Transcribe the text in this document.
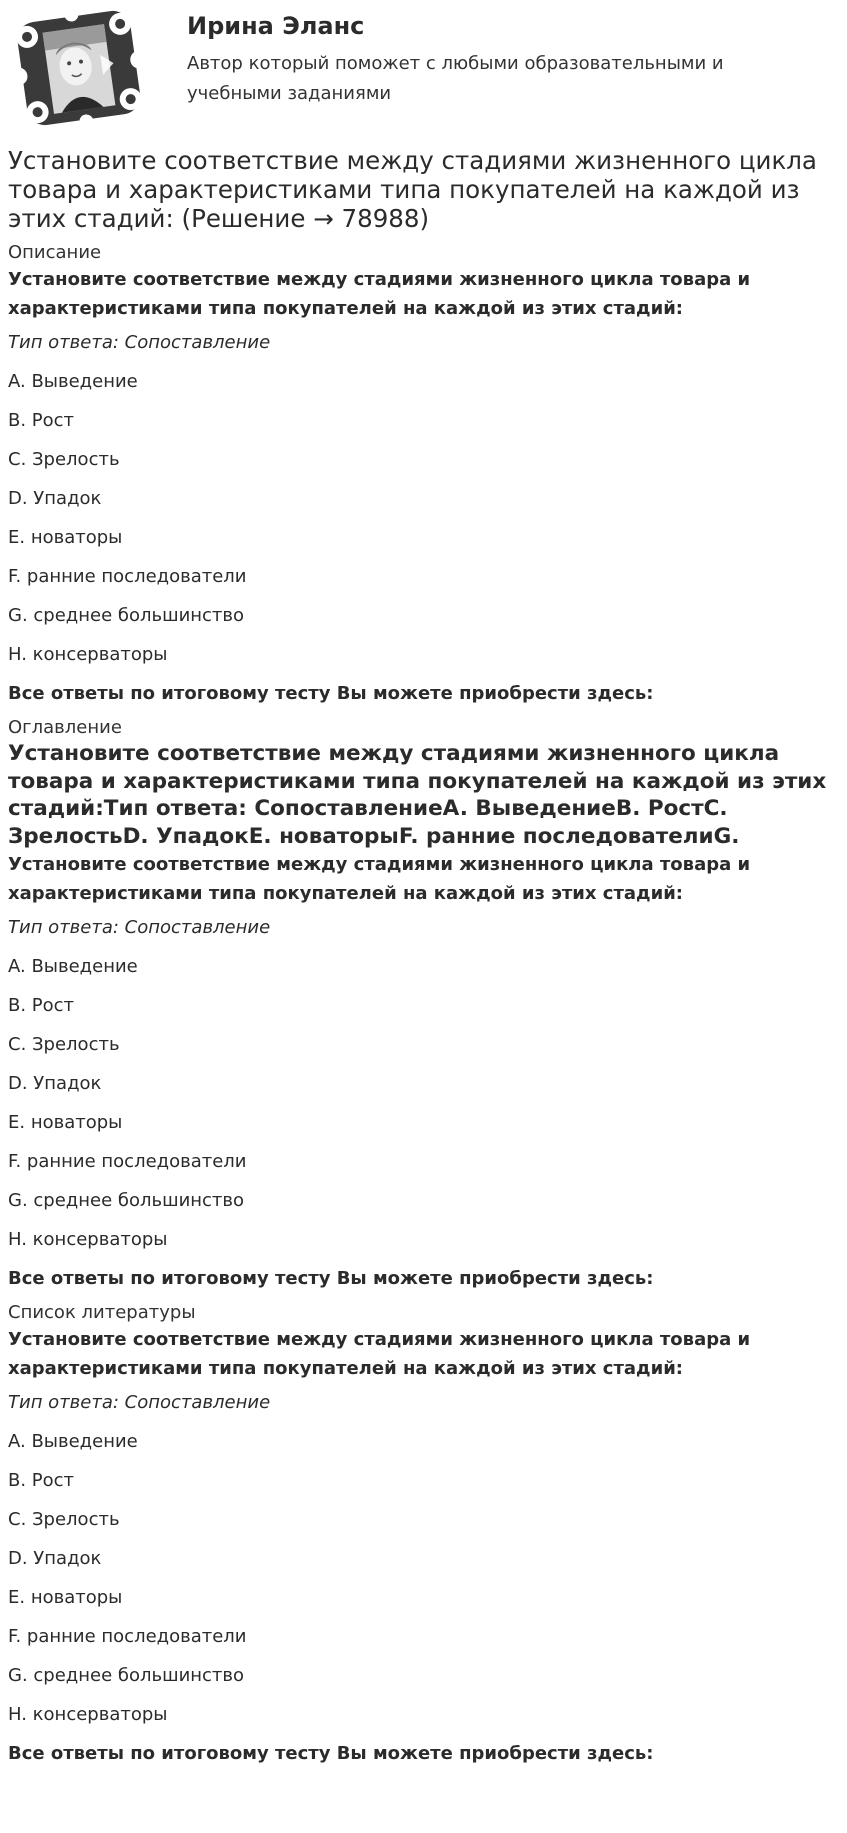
Ирина Эланс

Автор который поможет с любыми образовательными и учебными заданиями

Установите соответствие между стадиями жизненного цикла товара и характеристиками типа покупателей на каждой из этих стадий: (Решение → 78988)
Описание

Установите соответствие между стадиями жизненного цикла товара и характеристиками типа покупателей на каждой из этих стадий:

Тип ответа: Сопоставление

A. Выведение

B. Рост

C. Зрелость

D. Упадок

E. новаторы

F. ранние последователи

G. среднее большинство

H. консерваторы

Все ответы по итоговому тесту Вы можете приобрести здесь:

Оглавление

Установите соответствие между стадиями жизненного цикла товара и характеристиками типа покупателей на каждой из этих стадий:Тип ответа: СопоставлениеA. ВыведениеB. РостC. ЗрелостьD. УпадокE. новаторыF. ранние последователиG.

Установите соответствие между стадиями жизненного цикла товара и характеристиками типа покупателей на каждой из этих стадий:

Тип ответа: Сопоставление

A. Выведение

B. Рост

C. Зрелость

D. Упадок

E. новаторы

F. ранние последователи

G. среднее большинство

H. консерваторы

Все ответы по итоговому тесту Вы можете приобрести здесь:

Список литературы

Установите соответствие между стадиями жизненного цикла товара и характеристиками типа покупателей на каждой из этих стадий:

Тип ответа: Сопоставление

A. Выведение

B. Рост

C. Зрелость

D. Упадок

E. новаторы

F. ранние последователи

G. среднее большинство

H. консерваторы

Все ответы по итоговому тесту Вы можете приобрести здесь:
